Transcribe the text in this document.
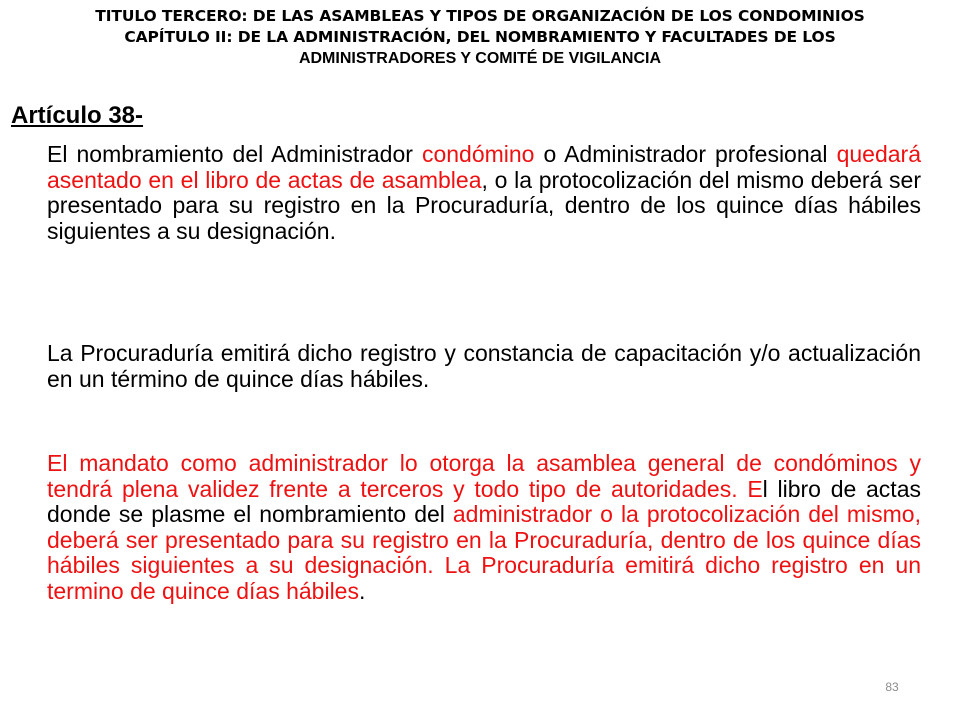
TITULO TERCERO: DE LAS ASAMBLEAS Y TIPOS DE ORGANIZACIÓN DE LOS CONDOMINIOS
CAPÍTULO II: DE LA ADMINISTRACIÓN, DEL NOMBRAMIENTO Y FACULTADES DE LOS
ADMINISTRADORES Y COMITÉ DE VIGILANCIA
Artículo 38-
El nombramiento del Administrador condómino o Administrador profesional quedará asentado en el libro de actas de asamblea, o la protocolización del mismo deberá ser presentado para su registro en la Procuraduría, dentro de los quince días hábiles siguientes a su designación.
La Procuraduría emitirá dicho registro y constancia de capacitación y/o actualización en un término de quince días hábiles.
El mandato como administrador lo otorga la asamblea general de condóminos y tendrá plena validez frente a terceros y todo tipo de autoridades. El libro de actas donde se plasme el nombramiento del administrador o la protocolización del mismo, deberá ser presentado para su registro en la Procuraduría, dentro de los quince días hábiles siguientes a su designación. La Procuraduría emitirá dicho registro en un termino de quince días hábiles.
83
